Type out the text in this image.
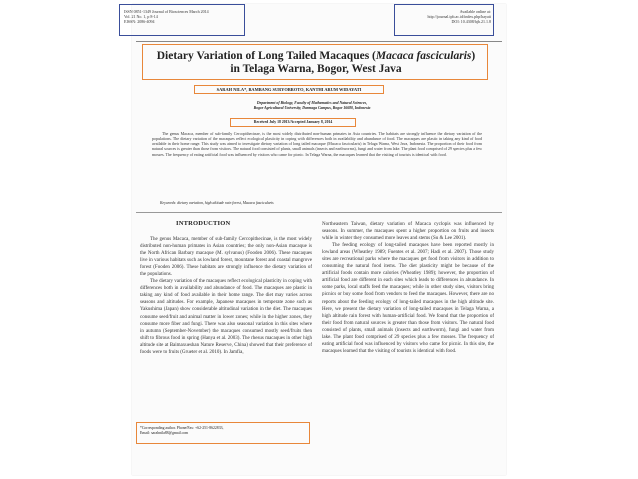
ISSN 0851-1349 Journal of Biosciences March 2014
Vol. 21 No. 1, p 8-14
EISSN: 2086-4094
Available online at:
http://journal.ipb.ac.id/index.php/hayati
DOI: 10.4308/hjb.21.1.8
Dietary Variation of Long Tailed Macaques (Macaca fascicularis)
in Telaga Warna, Bogor, West Java
SARAH NILA*, BAMBANG SURYOBROTO, KANTHI ARUM WIDAYATI
Department of Biology, Faculty of Mathematics and Natural Sciences,
Bogor Agricultural University, Darmaga Campus, Bogor 16680, Indonesia
Received July 18 2013/Accepted January 8, 2014
The genus Macaca, member of sub-family Cercopithecinae, is the most widely distributed non-human primates in Asia countries. The habitats are strongly influence the dietary variation of the populations. The dietary variation of the macaques reflect ecological plasticity in coping with differences both in availability and abundance of food. The macaques are plastic in taking any kind of food available in their home range. This study was aimed to investigate dietary variation of long tailed macaque (Macaca fascicularis) in Telaga Warna, West Java, Indonesia. The proportion of their food from natural sources is greater than those from visitors. The natural food consisted of plants, small animals (insects and earthworms), fungi and water from lake. The plant food comprised of 29 species plus a few mosses. The frequency of eating artificial food was influenced by visitors who came for picnic. In Telaga Warna, the macaques learned that the visiting of tourists is identical with food.
Keywords: dietary variation, high altitude rain forest, Macaca fascicularis
INTRODUCTION

The genus Macaca, member of sub-family Cercopithecinae, is the most widely distributed non-human primates in Asian countries; the only non-Asian macaque is the North African Barbary macaque (M. sylvanus) (Fooden 2006). These macaques live in various habitats such as lowland forest, mountane forest and coastal mangrove forest (Fooden 2006). These habitats are strongly influence the dietary variation of the populations.

The dietary variation of the macaques reflect ecological plasticity in coping with differences both in availability and abundance of food. The macaques are plastic in taking any kind of food available in their home range. The diet may varies across seasons and altitudes. For example, Japanese macaques in temperate zone such as Yakushima (Japan) show considerable altitudinal variation in the diet. The macaques consume seed/fruit and animal matter in lower zones; while in the higher zones, they consume more fiber and fungi. There was also seasonal variation in this sites where in autumn (September-November) the macaques consumed mostly seed/fruits then shift to fibrous food in spring (Hanya et al. 2003). The rhesus macaques in other high altitude site at Baimaxueshan Nature Reserve, China) showed that their preference of foods were to fruits (Grueter et al. 2010). In Jamfia,

*Corresponding author. Phone/Fax: +62-251-8622833,
Email: sarahnila88@gmail.com

Northeastern Taiwan, dietary variation of Macaca cyclopis was influenced by seasons. In summer, the macaques spent a higher proportion on fruits and insects while in winter they consumed more leaves and stems (Su & Lee 2001).

The feeding ecology of long-tailed macaques have been reported mostly in lowland areas (Wheatley 1989; Fuentes et al. 2007; Hadi et al. 2007). Those study sites are recreational parks where the macaques get food from visitors in addition to consuming the natural food items. The diet plasticity might be because of the artificial foods contain more calories (Wheatley 1989); however, the proportion of artificial food are different in each sites which leads to differences in abundance. In some parks, local staffs feed the macaques; while in other study sites, visitors bring picnics or buy some food from vendors to feed the macaques. However, there are no reports about the feeding ecology of long-tailed macaques in the high altitude site. Here, we present the dietary variation of long-tailed macaques in Telaga Warna, a high altitude rain forest with human-artificial food. We found that the proportion of their food from natural sources is greater than those from visitors. The natural food consisted of plants, small animals (insects and earthworm), fungi and water from lake. The plant food comprised of 29 species plus a few mosses. The frequency of eating artificial food was influenced by visitors who came for picnic. In this site, the macaques learned that the visiting of tourists is identical with food.
